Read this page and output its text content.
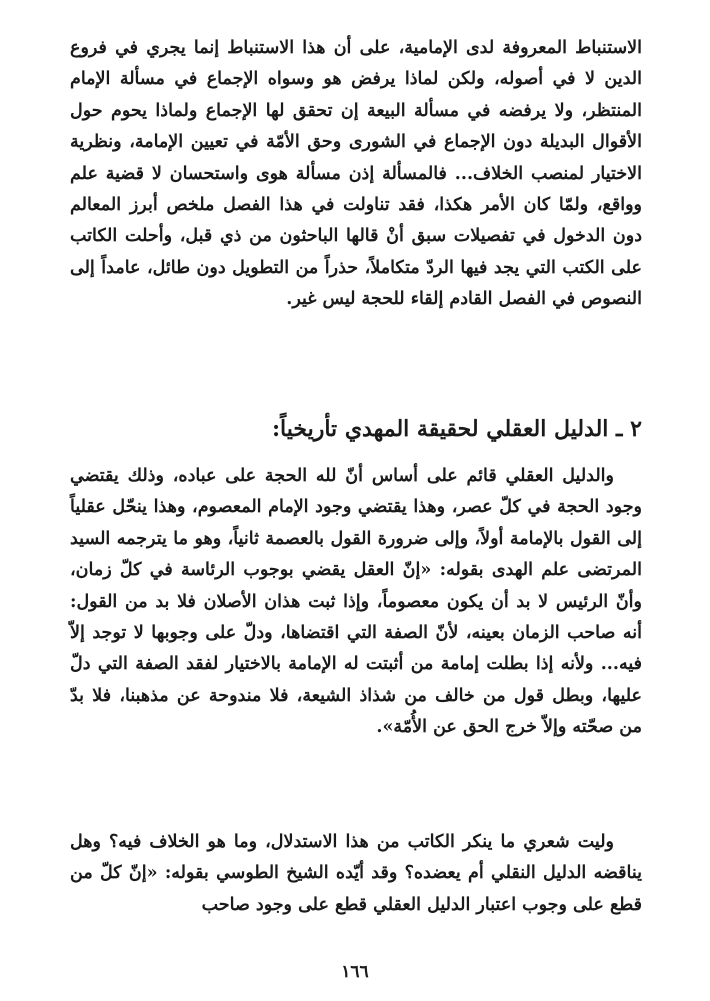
الاستنباط المعروفة لدى الإمامية، على أن هذا الاستنباط إنما يجري في فروع الدين لا في أصوله، ولكن لماذا يرفض هو وسواه الإجماع في مسألة الإمام المنتظر، ولا يرفضه في مسألة البيعة إن تحقق لها الإجماع ولماذا يحوم حول الأقوال البديلة دون الإجماع في الشورى وحق الأمّة في تعيين الإمامة، ونظرية الاختيار لمنصب الخلاف... فالمسألة إذن مسألة هوى واستحسان لا قضية علم وواقع، ولمّا كان الأمر هكذا، فقد تناولت في هذا الفصل ملخص أبرز المعالم دون الدخول في تفصيلات سبق أنْ قالها الباحثون من ذي قبل، وأحلت الكاتب على الكتب التي يجد فيها الردّ متكاملاً، حذراً من التطويل دون طائل، عامداً إلى النصوص في الفصل القادم إلقاء للحجة ليس غير.

٢ ـ الدليل العقلي لحقيقة المهدي تأريخياً:

والدليل العقلي قائم على أساس أنّ لله الحجة على عباده، وذلك يقتضي وجود الحجة في كلّ عصر، وهذا يقتضي وجود الإمام المعصوم، وهذا ينحّل عقلياً إلى القول بالإمامة أولاً، وإلى ضرورة القول بالعصمة ثانياً، وهو ما يترجمه السيد المرتضى علم الهدى بقوله: «إنّ العقل يقضي بوجوب الرئاسة في كلّ زمان، وأنّ الرئيس لا بد أن يكون معصوماً، وإذا ثبت هذان الأصلان فلا بد من القول: أنه صاحب الزمان بعينه، لأنّ الصفة التي اقتضاها، ودلّ على وجوبها لا توجد إلاّ فيه... ولأنه إذا بطلت إمامة من أثبتت له الإمامة بالاختيار لفقد الصفة التي دلّ عليها، وبطل قول من خالف من شذاذ الشيعة، فلا مندوحة عن مذهبنا، فلا بدّ من صحّته وإلاّ خرج الحق عن الأُمّة».

وليت شعري ما ينكر الكاتب من هذا الاستدلال، وما هو الخلاف فيه؟ وهل يناقضه الدليل النقلي أم يعضده؟ وقد أيّده الشيخ الطوسي بقوله: «إنّ كلّ من قطع على وجوب اعتبار الدليل العقلي قطع على وجود صاحب

١٦٦
